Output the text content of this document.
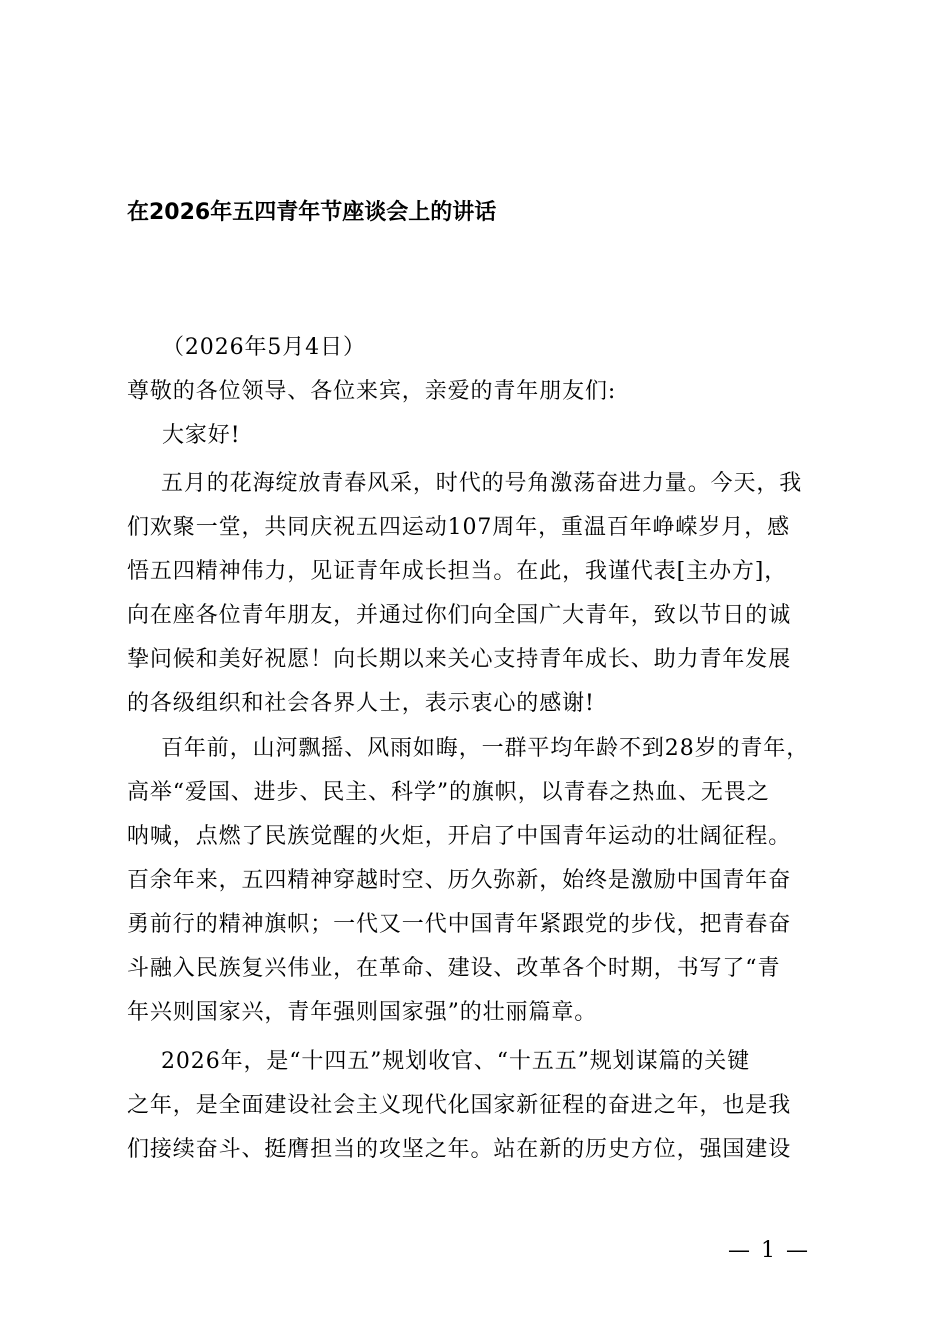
在2026年五四青年节座谈会上的讲话
（2026年5月4日）
尊敬的各位领导、各位来宾，亲爱的青年朋友们:
大家好!
五月的花海绽放青春风采，时代的号角激荡奋进力量。今天，我
们欢聚一堂，共同庆祝五四运动107周年，重温百年峥嵘岁月，感
悟五四精神伟力，见证青年成长担当。在此，我谨代表[主办方]，
向在座各位青年朋友，并通过你们向全国广大青年，致以节日的诚
挚问候和美好祝愿！向长期以来关心支持青年成长、助力青年发展
的各级组织和社会各界人士，表示衷心的感谢!
百年前，山河飘摇、风雨如晦，一群平均年龄不到28岁的青年，
高举“爱国、进步、民主、科学”的旗帜，以青春之热血、无畏之
呐喊，点燃了民族觉醒的火炬，开启了中国青年运动的壮阔征程。
百余年来，五四精神穿越时空、历久弥新，始终是激励中国青年奋
勇前行的精神旗帜；一代又一代中国青年紧跟党的步伐，把青春奋
斗融入民族复兴伟业，在革命、建设、改革各个时期，书写了“青
年兴则国家兴，青年强则国家强”的壮丽篇章。
2026年，是“十四五”规划收官、“十五五”规划谋篇的关键
之年，是全面建设社会主义现代化国家新征程的奋进之年，也是我
们接续奋斗、挺膺担当的攻坚之年。站在新的历史方位，强国建设
— 1 —
